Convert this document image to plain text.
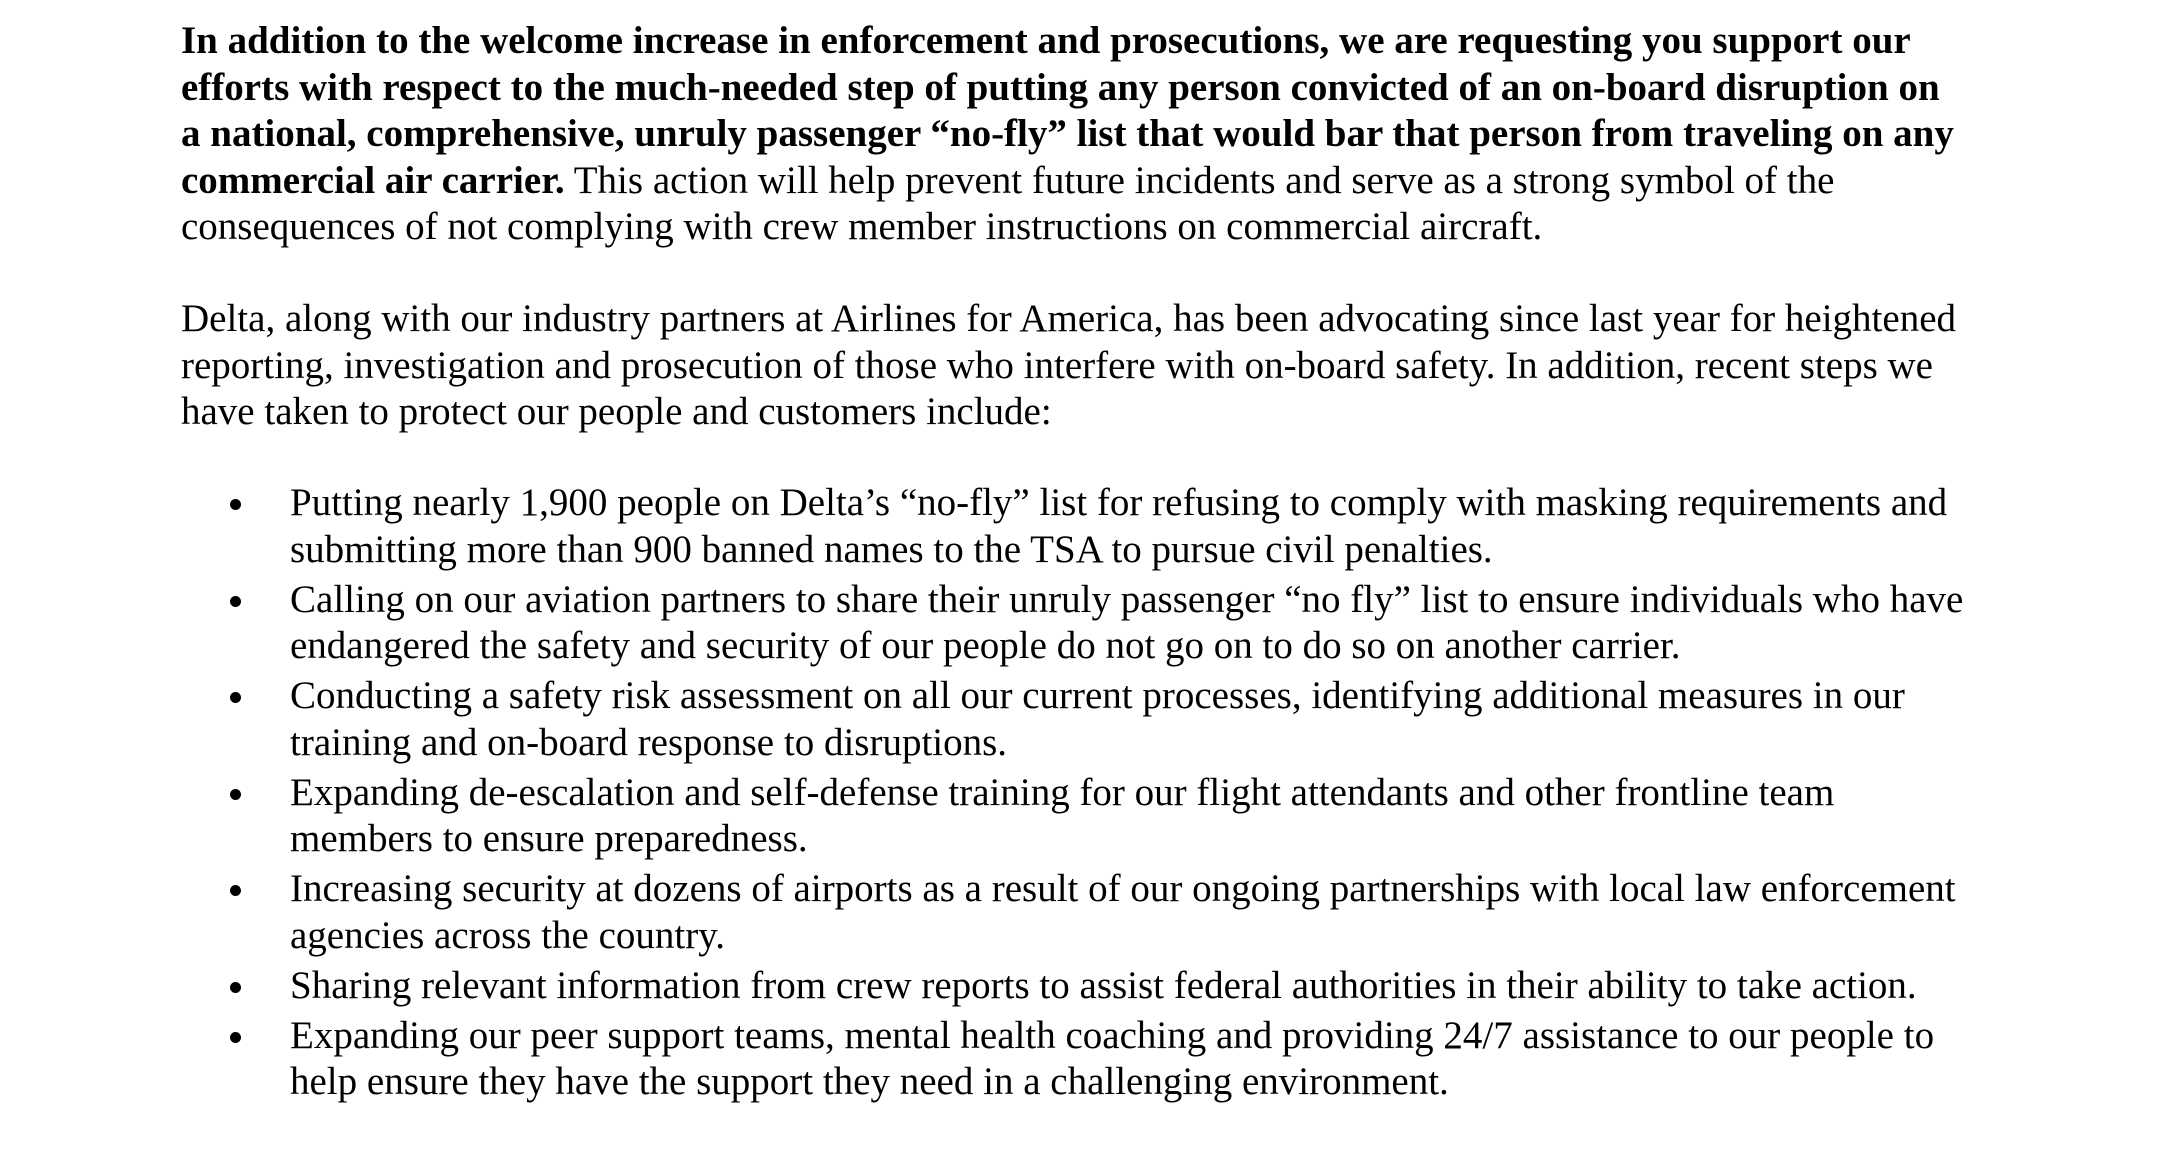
In addition to the welcome increase in enforcement and prosecutions, we are requesting you support our
efforts with respect to the much-needed step of putting any person convicted of an on-board disruption on
a national, comprehensive, unruly passenger “no-fly” list that would bar that person from traveling on any
commercial air carrier. This action will help prevent future incidents and serve as a strong symbol of the
consequences of not complying with crew member instructions on commercial aircraft.
Delta, along with our industry partners at Airlines for America, has been advocating since last year for heightened
reporting, investigation and prosecution of those who interfere with on-board safety. In addition, recent steps we
have taken to protect our people and customers include:
Putting nearly 1,900 people on Delta’s “no-fly” list for refusing to comply with masking requirements and
submitting more than 900 banned names to the TSA to pursue civil penalties.
Calling on our aviation partners to share their unruly passenger “no fly” list to ensure individuals who have
endangered the safety and security of our people do not go on to do so on another carrier.
Conducting a safety risk assessment on all our current processes, identifying additional measures in our
training and on-board response to disruptions.
Expanding de-escalation and self-defense training for our flight attendants and other frontline team
members to ensure preparedness.
Increasing security at dozens of airports as a result of our ongoing partnerships with local law enforcement
agencies across the country.
Sharing relevant information from crew reports to assist federal authorities in their ability to take action.
Expanding our peer support teams, mental health coaching and providing 24/7 assistance to our people to
help ensure they have the support they need in a challenging environment.
